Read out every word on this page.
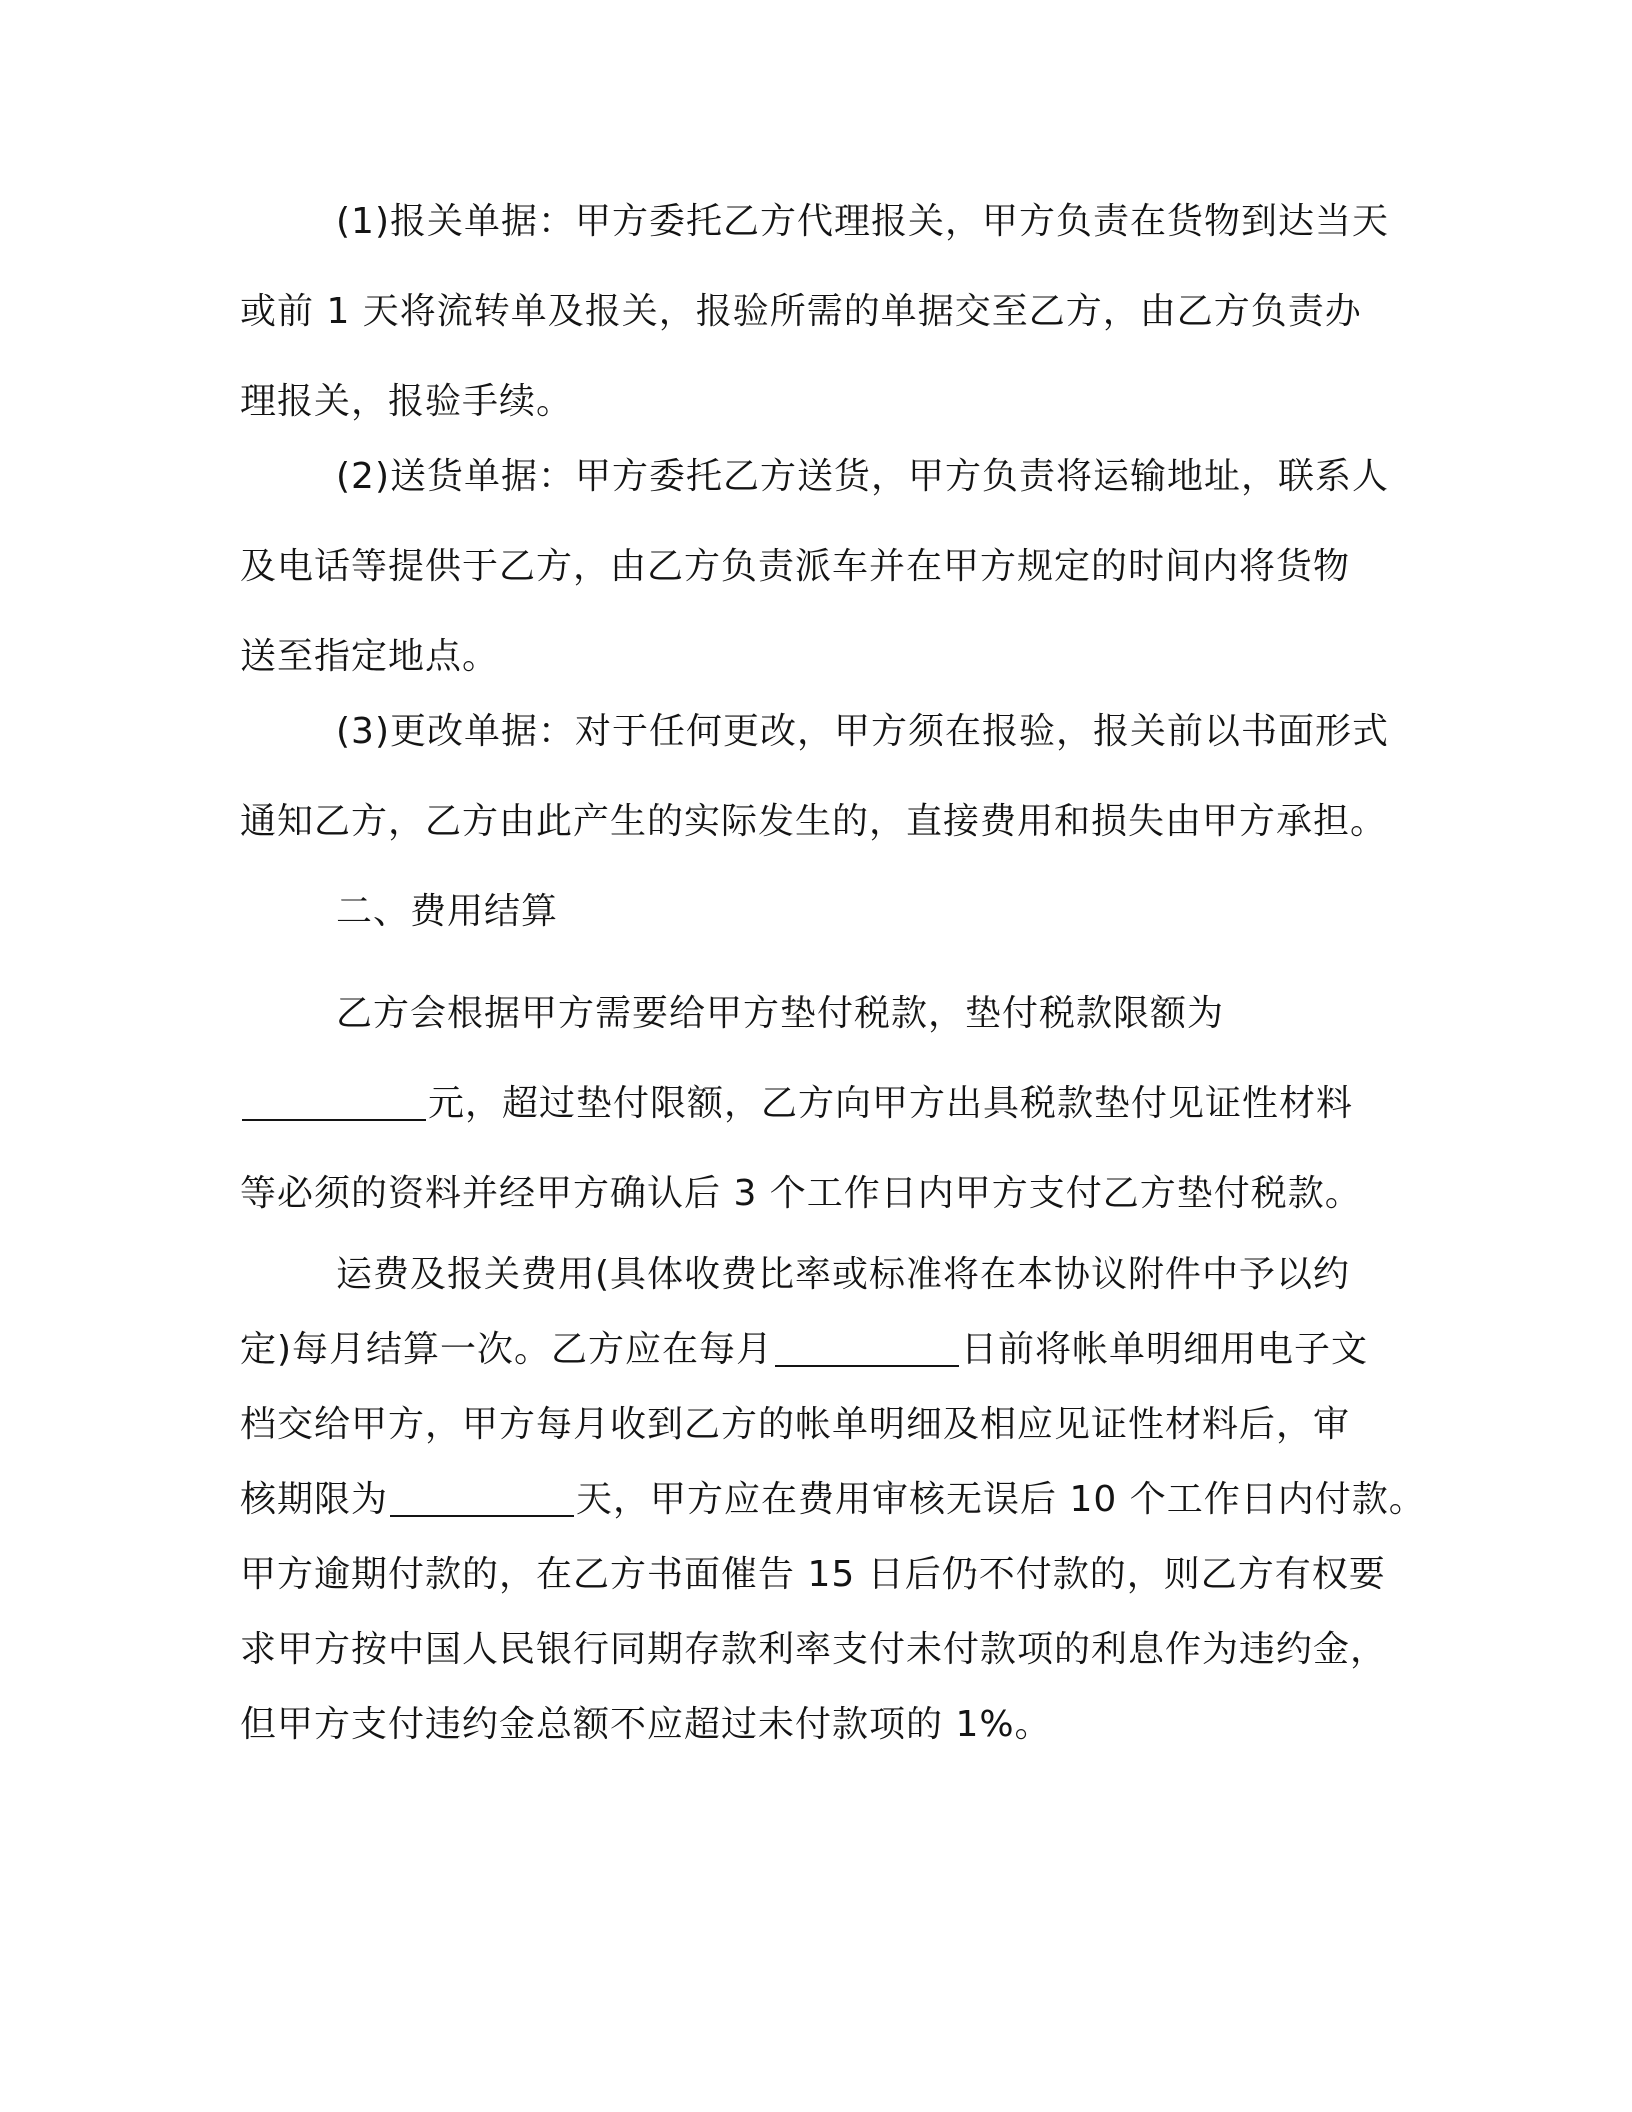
(1)报关单据：甲方委托乙方代理报关，甲方负责在货物到达当天
或前 1 天将流转单及报关，报验所需的单据交至乙方，由乙方负责办
理报关，报验手续。

(2)送货单据：甲方委托乙方送货，甲方负责将运输地址，联系人
及电话等提供于乙方，由乙方负责派车并在甲方规定的时间内将货物
送至指定地点。

(3)更改单据：对于任何更改，甲方须在报验，报关前以书面形式
通知乙方，乙方由此产生的实际发生的，直接费用和损失由甲方承担。

二、费用结算

乙方会根据甲方需要给甲方垫付税款，垫付税款限额为
元，超过垫付限额，乙方向甲方出具税款垫付见证性材料
等必须的资料并经甲方确认后 3 个工作日内甲方支付乙方垫付税款。

运费及报关费用(具体收费比率或标准将在本协议附件中予以约
定)每月结算一次。乙方应在每月	日前将帐单明细用电子文
档交给甲方，甲方每月收到乙方的帐单明细及相应见证性材料后，审
核期限为	天，甲方应在费用审核无误后 10 个工作日内付款。
甲方逾期付款的，在乙方书面催告 15 日后仍不付款的，则乙方有权要
求甲方按中国人民银行同期存款利率支付未付款项的利息作为违约金，
但甲方支付违约金总额不应超过未付款项的 1%。
